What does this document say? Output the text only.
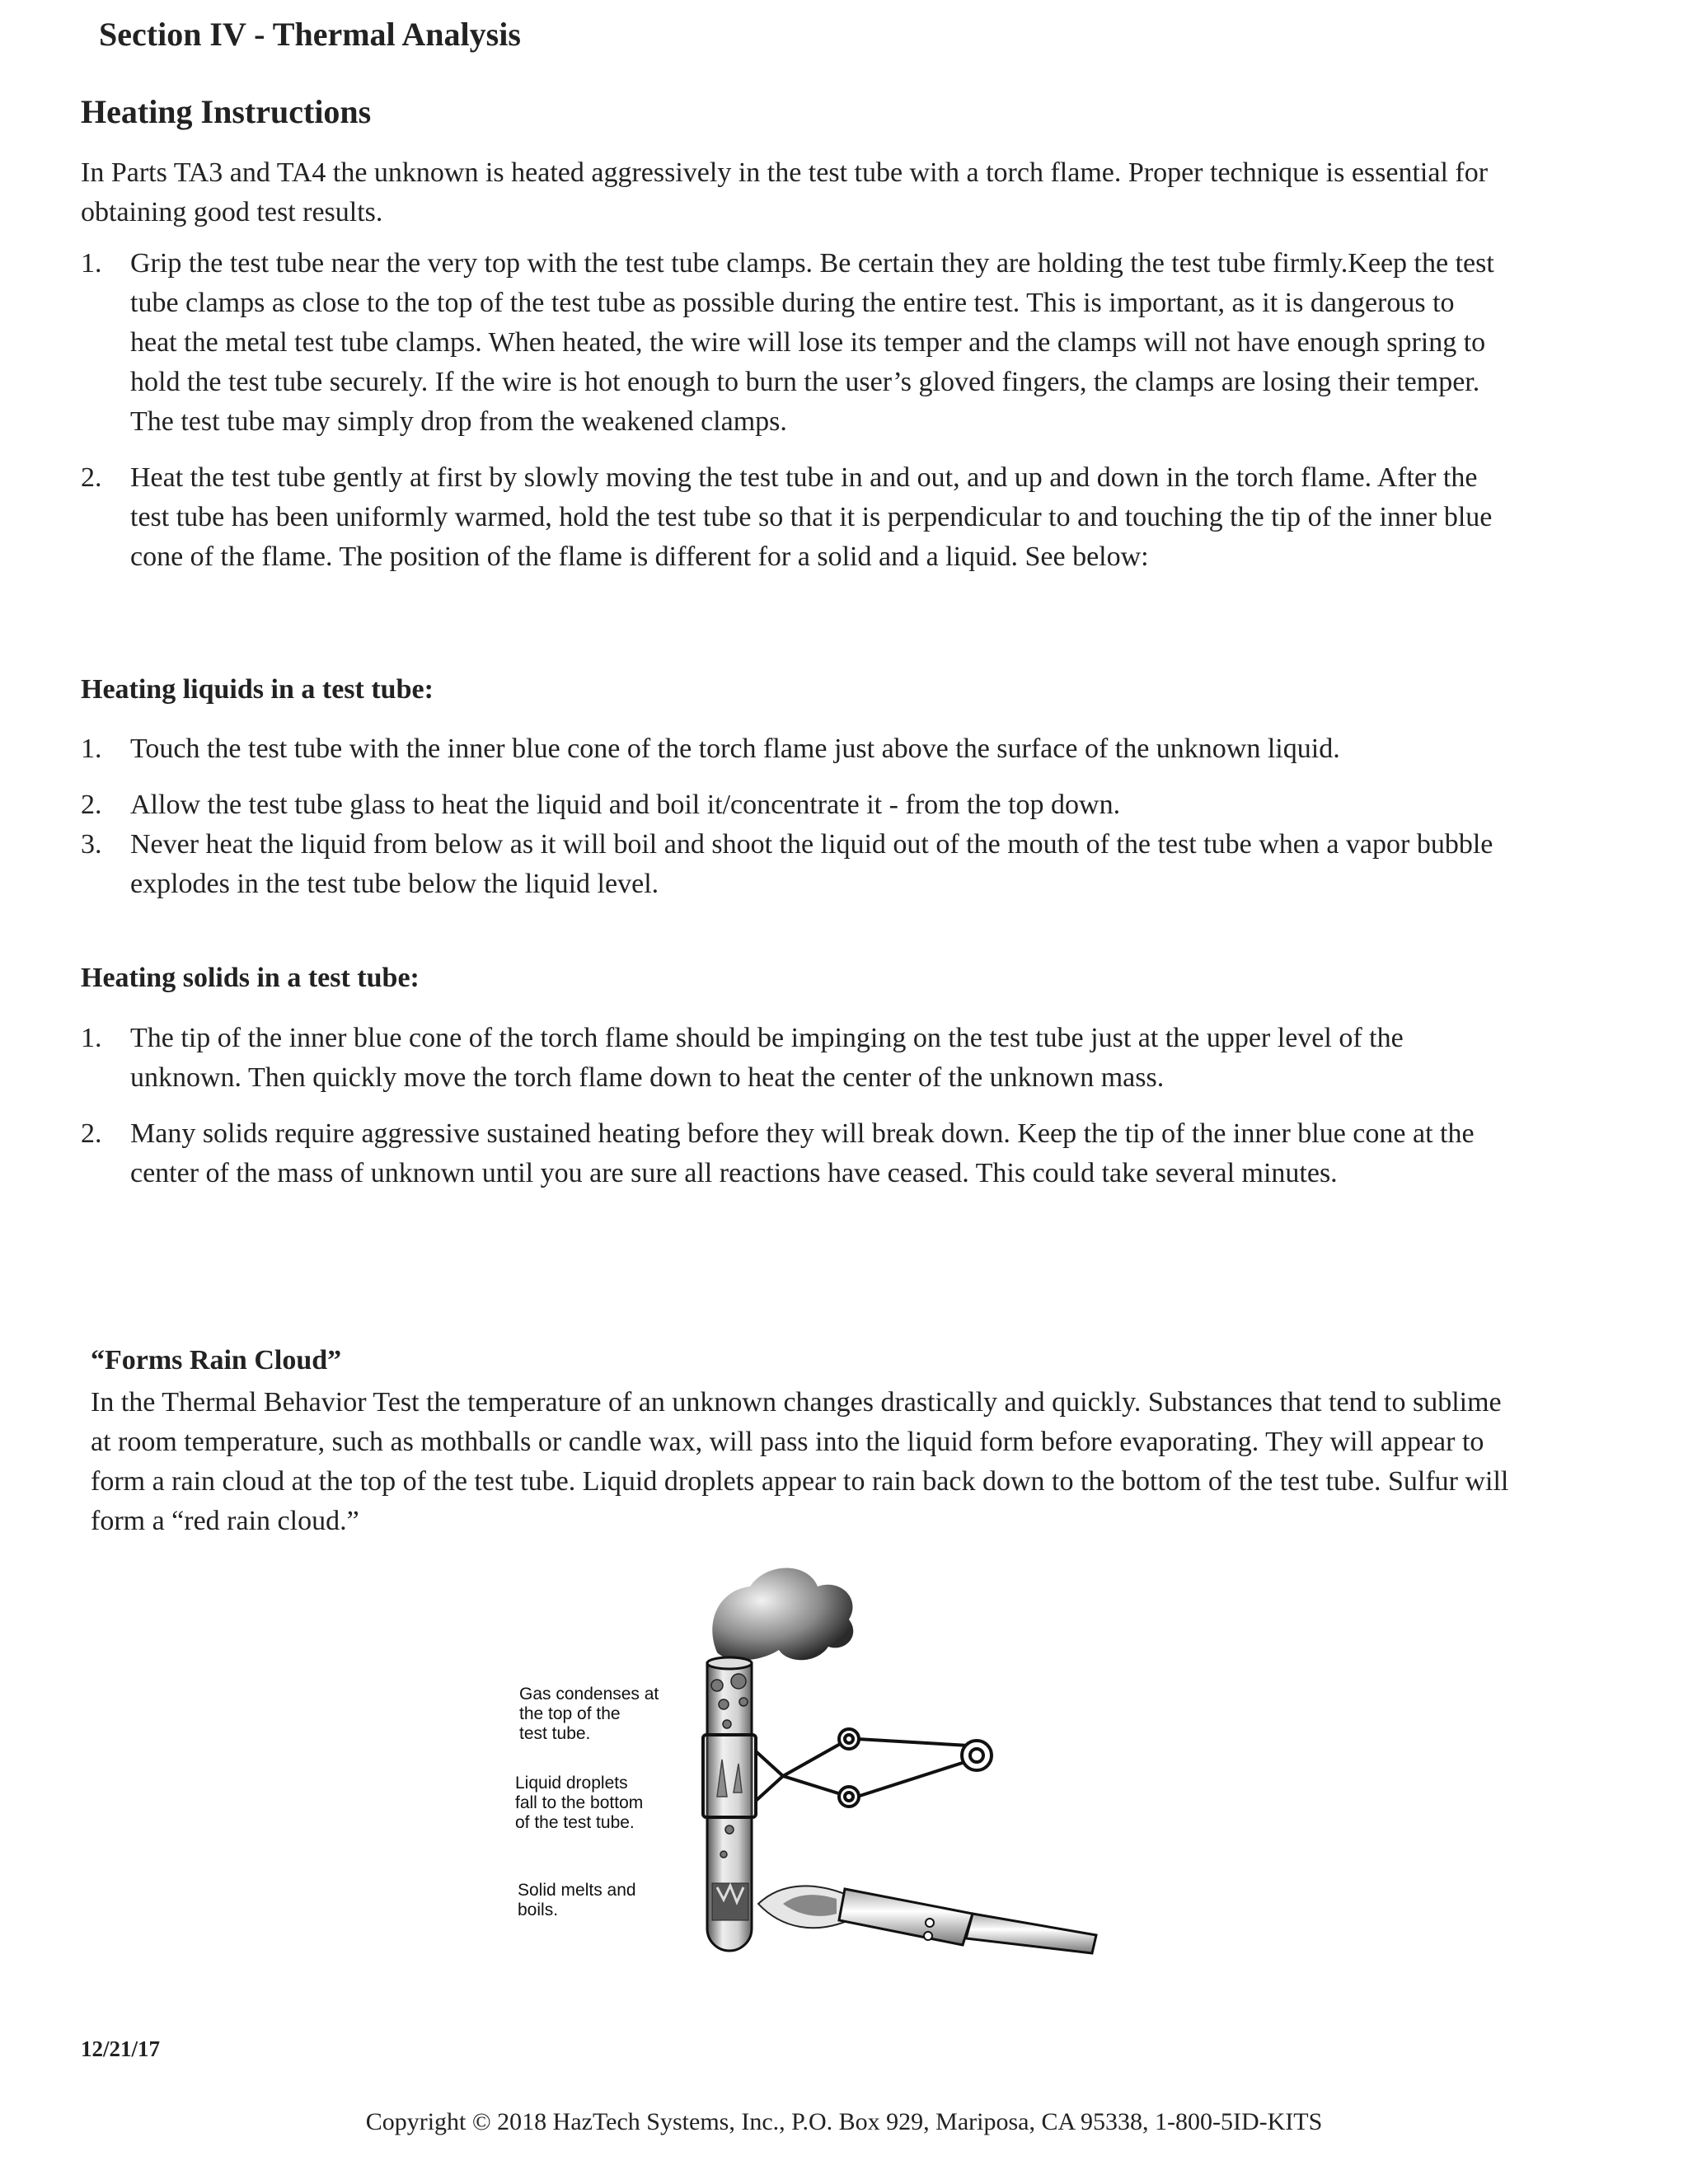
Section IV - Thermal Analysis
Heating Instructions
In Parts TA3 and TA4 the unknown is heated aggressively in the test tube with a torch flame. Proper technique is essential for obtaining good test results.
1. Grip the test tube near the very top with the test tube clamps. Be certain they are holding the test tube firmly.Keep the test tube clamps as close to the top of the test tube as possible during the entire test. This is important, as it is dangerous to heat the metal test tube clamps. When heated, the wire will lose its temper and the clamps will not have enough spring to hold the test tube securely. If the wire is hot enough to burn the user’s gloved fingers, the clamps are losing their temper. The test tube may simply drop from the weakened clamps.
2. Heat the test tube gently at first by slowly moving the test tube in and out, and up and down in the torch flame. After the test tube has been uniformly warmed, hold the test tube so that it is perpendicular to and touching the tip of the inner blue cone of the flame. The position of the flame is different for a solid and a liquid. See below:
Heating liquids in a test tube:
1. Touch the test tube with the inner blue cone of the torch flame just above the surface of the unknown liquid.
2. Allow the test tube glass to heat the liquid and boil it/concentrate it - from the top down.
3. Never heat the liquid from below as it will boil and shoot the liquid out of the mouth of the test tube when a vapor bubble explodes in the test tube below the liquid level.
Heating solids in a test tube:
1. The tip of the inner blue cone of the torch flame should be impinging on the test tube just at the upper level of the unknown. Then quickly move the torch flame down to heat the center of the unknown mass.
2. Many solids require aggressive sustained heating before they will break down. Keep the tip of the inner blue cone at the center of the mass of unknown until you are sure all reactions have ceased. This could take several minutes.
“Forms Rain Cloud”
In the Thermal Behavior Test the temperature of an unknown changes drastically and quickly. Substances that tend to sublime at room temperature, such as mothballs or candle wax, will pass into the liquid form before evaporating. They will appear to form a rain cloud at the top of the test tube. Liquid droplets appear to rain back down to the bottom of the test tube. Sulfur will form a “red rain cloud.”
Gas condenses at
the top of the
test tube.
Liquid droplets
fall to the bottom
of the test tube.
Solid melts and
boils.
12/21/17
Copyright © 2018 HazTech Systems, Inc., P.O. Box 929, Mariposa, CA 95338, 1-800-5ID-KITS
